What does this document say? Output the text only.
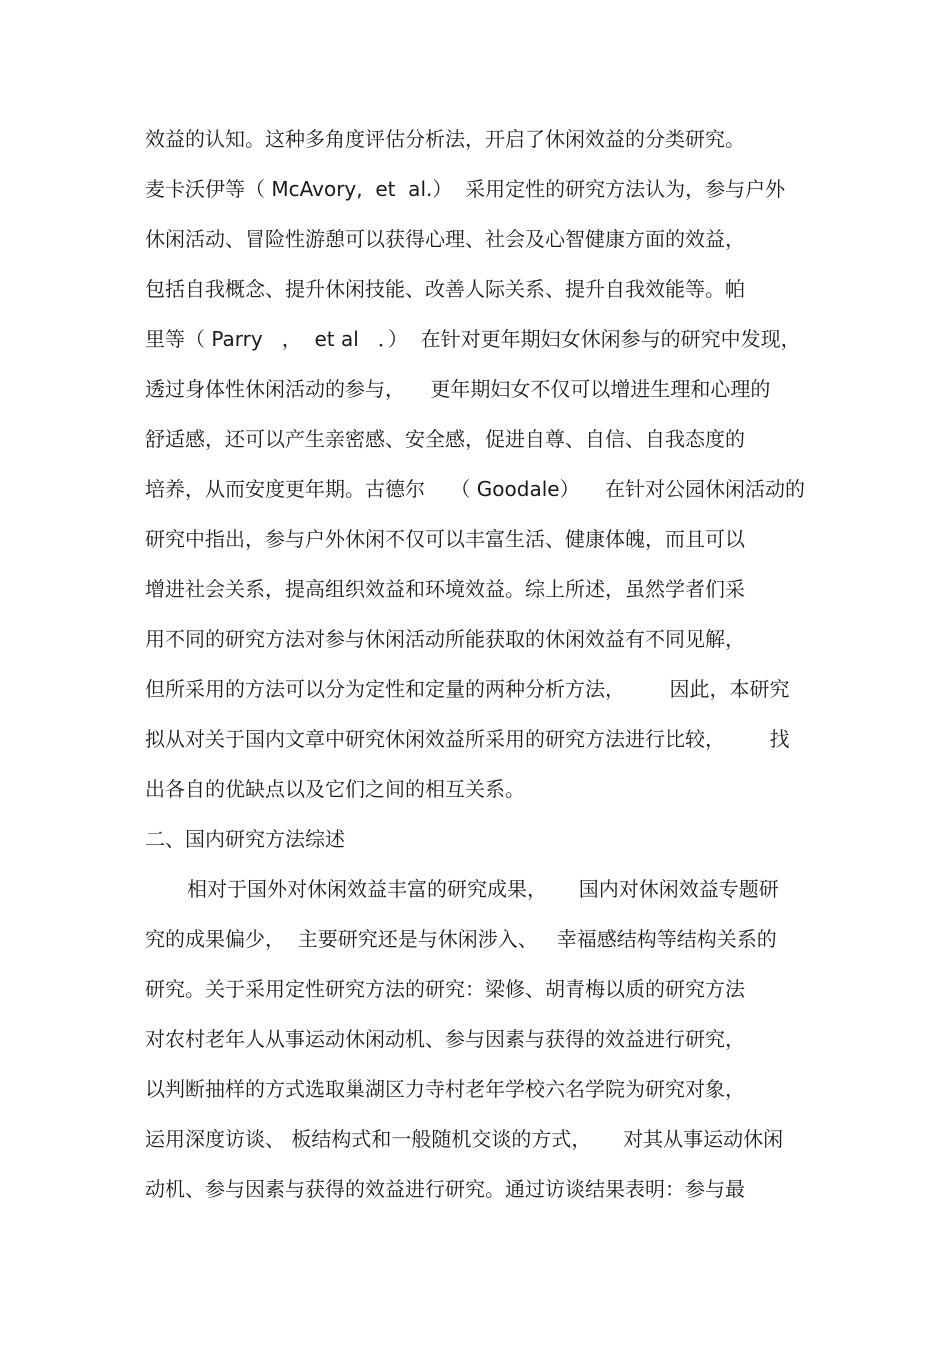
效益的认知。这种多角度评估分析法，开启了休闲效益的分类研究。
麦卡沃伊等（ McAvory,  et  al.）  采用定性的研究方法认为，参与户外
休闲活动、冒险性游憩可以获得心理、社会及心智健康方面的效益，
包括自我概念、提升休闲技能、改善人际关系、提升自我效能等。帕
里等（ Parry   ，  et al   ．）  在针对更年期妇女休闲参与的研究中发现，
透过身体性休闲活动的参与，    更年期妇女不仅可以增进生理和心理的
舒适感，还可以产生亲密感、安全感，促进自尊、自信、自我态度的
培养，从而安度更年期。古德尔    （ Goodale）    在针对公园休闲活动的
研究中指出，参与户外休闲不仅可以丰富生活、健康体魄，而且可以
增进社会关系，提高组织效益和环境效益。综上所述，虽然学者们采
用不同的研究方法对参与休闲活动所能获取的休闲效益有不同见解，
但所采用的方法可以分为定性和定量的两种分析方法，       因此，本研究
拟从对关于国内文章中研究休闲效益所采用的研究方法进行比较，       找
出各自的优缺点以及它们之间的相互关系。
二、国内研究方法综述
相对于国外对休闲效益丰富的研究成果，     国内对休闲效益专题研
究的成果偏少，  主要研究还是与休闲涉入、   幸福感结构等结构关系的
研究。关于采用定性研究方法的研究：梁修、胡青梅以质的研究方法
对农村老年人从事运动休闲动机、参与因素与获得的效益进行研究，
以判断抽样的方式选取巢湖区力寺村老年学校六名学院为研究对象，
运用深度访谈、 板结构式和一般随机交谈的方式，     对其从事运动休闲
动机、参与因素与获得的效益进行研究。通过访谈结果表明：参与最
